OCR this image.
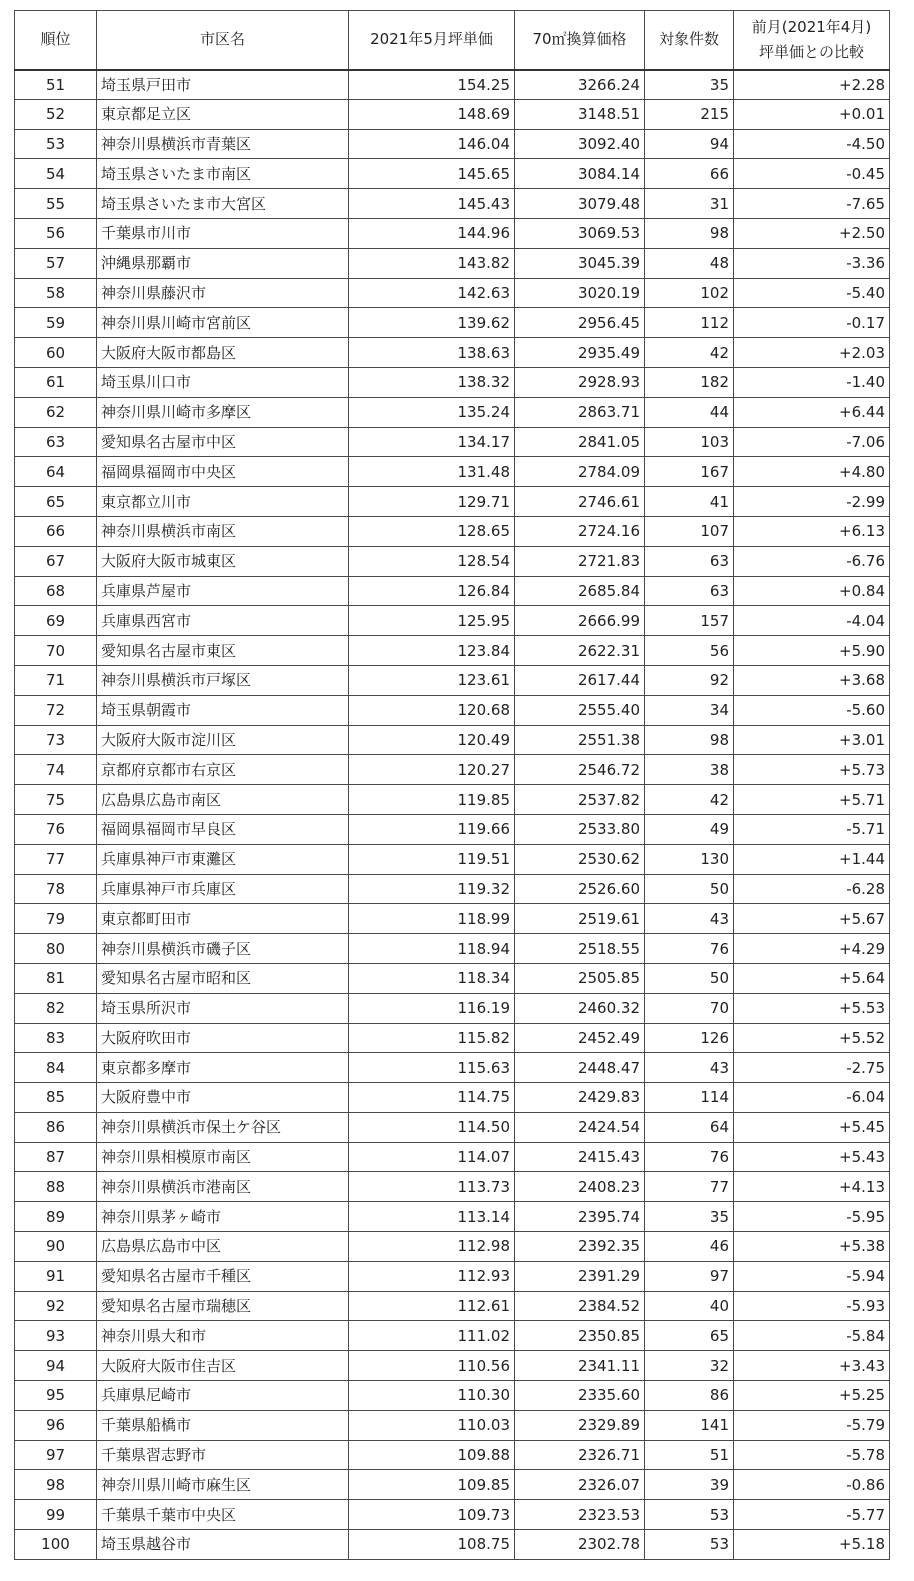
順位	市区名	2021年5月坪単価	70㎡換算価格	対象件数	前月(2021年4月)
坪単価との比較

51	埼玉県戸田市	154.25	3266.24	35	+2.28
52	東京都足立区	148.69	3148.51	215	+0.01
53	神奈川県横浜市青葉区	146.04	3092.40	94	-4.50
54	埼玉県さいたま市南区	145.65	3084.14	66	-0.45
55	埼玉県さいたま市大宮区	145.43	3079.48	31	-7.65
56	千葉県市川市	144.96	3069.53	98	+2.50
57	沖縄県那覇市	143.82	3045.39	48	-3.36
58	神奈川県藤沢市	142.63	3020.19	102	-5.40
59	神奈川県川崎市宮前区	139.62	2956.45	112	-0.17
60	大阪府大阪市都島区	138.63	2935.49	42	+2.03
61	埼玉県川口市	138.32	2928.93	182	-1.40
62	神奈川県川崎市多摩区	135.24	2863.71	44	+6.44
63	愛知県名古屋市中区	134.17	2841.05	103	-7.06
64	福岡県福岡市中央区	131.48	2784.09	167	+4.80
65	東京都立川市	129.71	2746.61	41	-2.99
66	神奈川県横浜市南区	128.65	2724.16	107	+6.13
67	大阪府大阪市城東区	128.54	2721.83	63	-6.76
68	兵庫県芦屋市	126.84	2685.84	63	+0.84
69	兵庫県西宮市	125.95	2666.99	157	-4.04
70	愛知県名古屋市東区	123.84	2622.31	56	+5.90
71	神奈川県横浜市戸塚区	123.61	2617.44	92	+3.68
72	埼玉県朝霞市	120.68	2555.40	34	-5.60
73	大阪府大阪市淀川区	120.49	2551.38	98	+3.01
74	京都府京都市右京区	120.27	2546.72	38	+5.73
75	広島県広島市南区	119.85	2537.82	42	+5.71
76	福岡県福岡市早良区	119.66	2533.80	49	-5.71
77	兵庫県神戸市東灘区	119.51	2530.62	130	+1.44
78	兵庫県神戸市兵庫区	119.32	2526.60	50	-6.28
79	東京都町田市	118.99	2519.61	43	+5.67
80	神奈川県横浜市磯子区	118.94	2518.55	76	+4.29
81	愛知県名古屋市昭和区	118.34	2505.85	50	+5.64
82	埼玉県所沢市	116.19	2460.32	70	+5.53
83	大阪府吹田市	115.82	2452.49	126	+5.52
84	東京都多摩市	115.63	2448.47	43	-2.75
85	大阪府豊中市	114.75	2429.83	114	-6.04
86	神奈川県横浜市保土ケ谷区	114.50	2424.54	64	+5.45
87	神奈川県相模原市南区	114.07	2415.43	76	+5.43
88	神奈川県横浜市港南区	113.73	2408.23	77	+4.13
89	神奈川県茅ヶ崎市	113.14	2395.74	35	-5.95
90	広島県広島市中区	112.98	2392.35	46	+5.38
91	愛知県名古屋市千種区	112.93	2391.29	97	-5.94
92	愛知県名古屋市瑞穂区	112.61	2384.52	40	-5.93
93	神奈川県大和市	111.02	2350.85	65	-5.84
94	大阪府大阪市住吉区	110.56	2341.11	32	+3.43
95	兵庫県尼崎市	110.30	2335.60	86	+5.25
96	千葉県船橋市	110.03	2329.89	141	-5.79
97	千葉県習志野市	109.88	2326.71	51	-5.78
98	神奈川県川崎市麻生区	109.85	2326.07	39	-0.86
99	千葉県千葉市中央区	109.73	2323.53	53	-5.77
100	埼玉県越谷市	108.75	2302.78	53	+5.18
